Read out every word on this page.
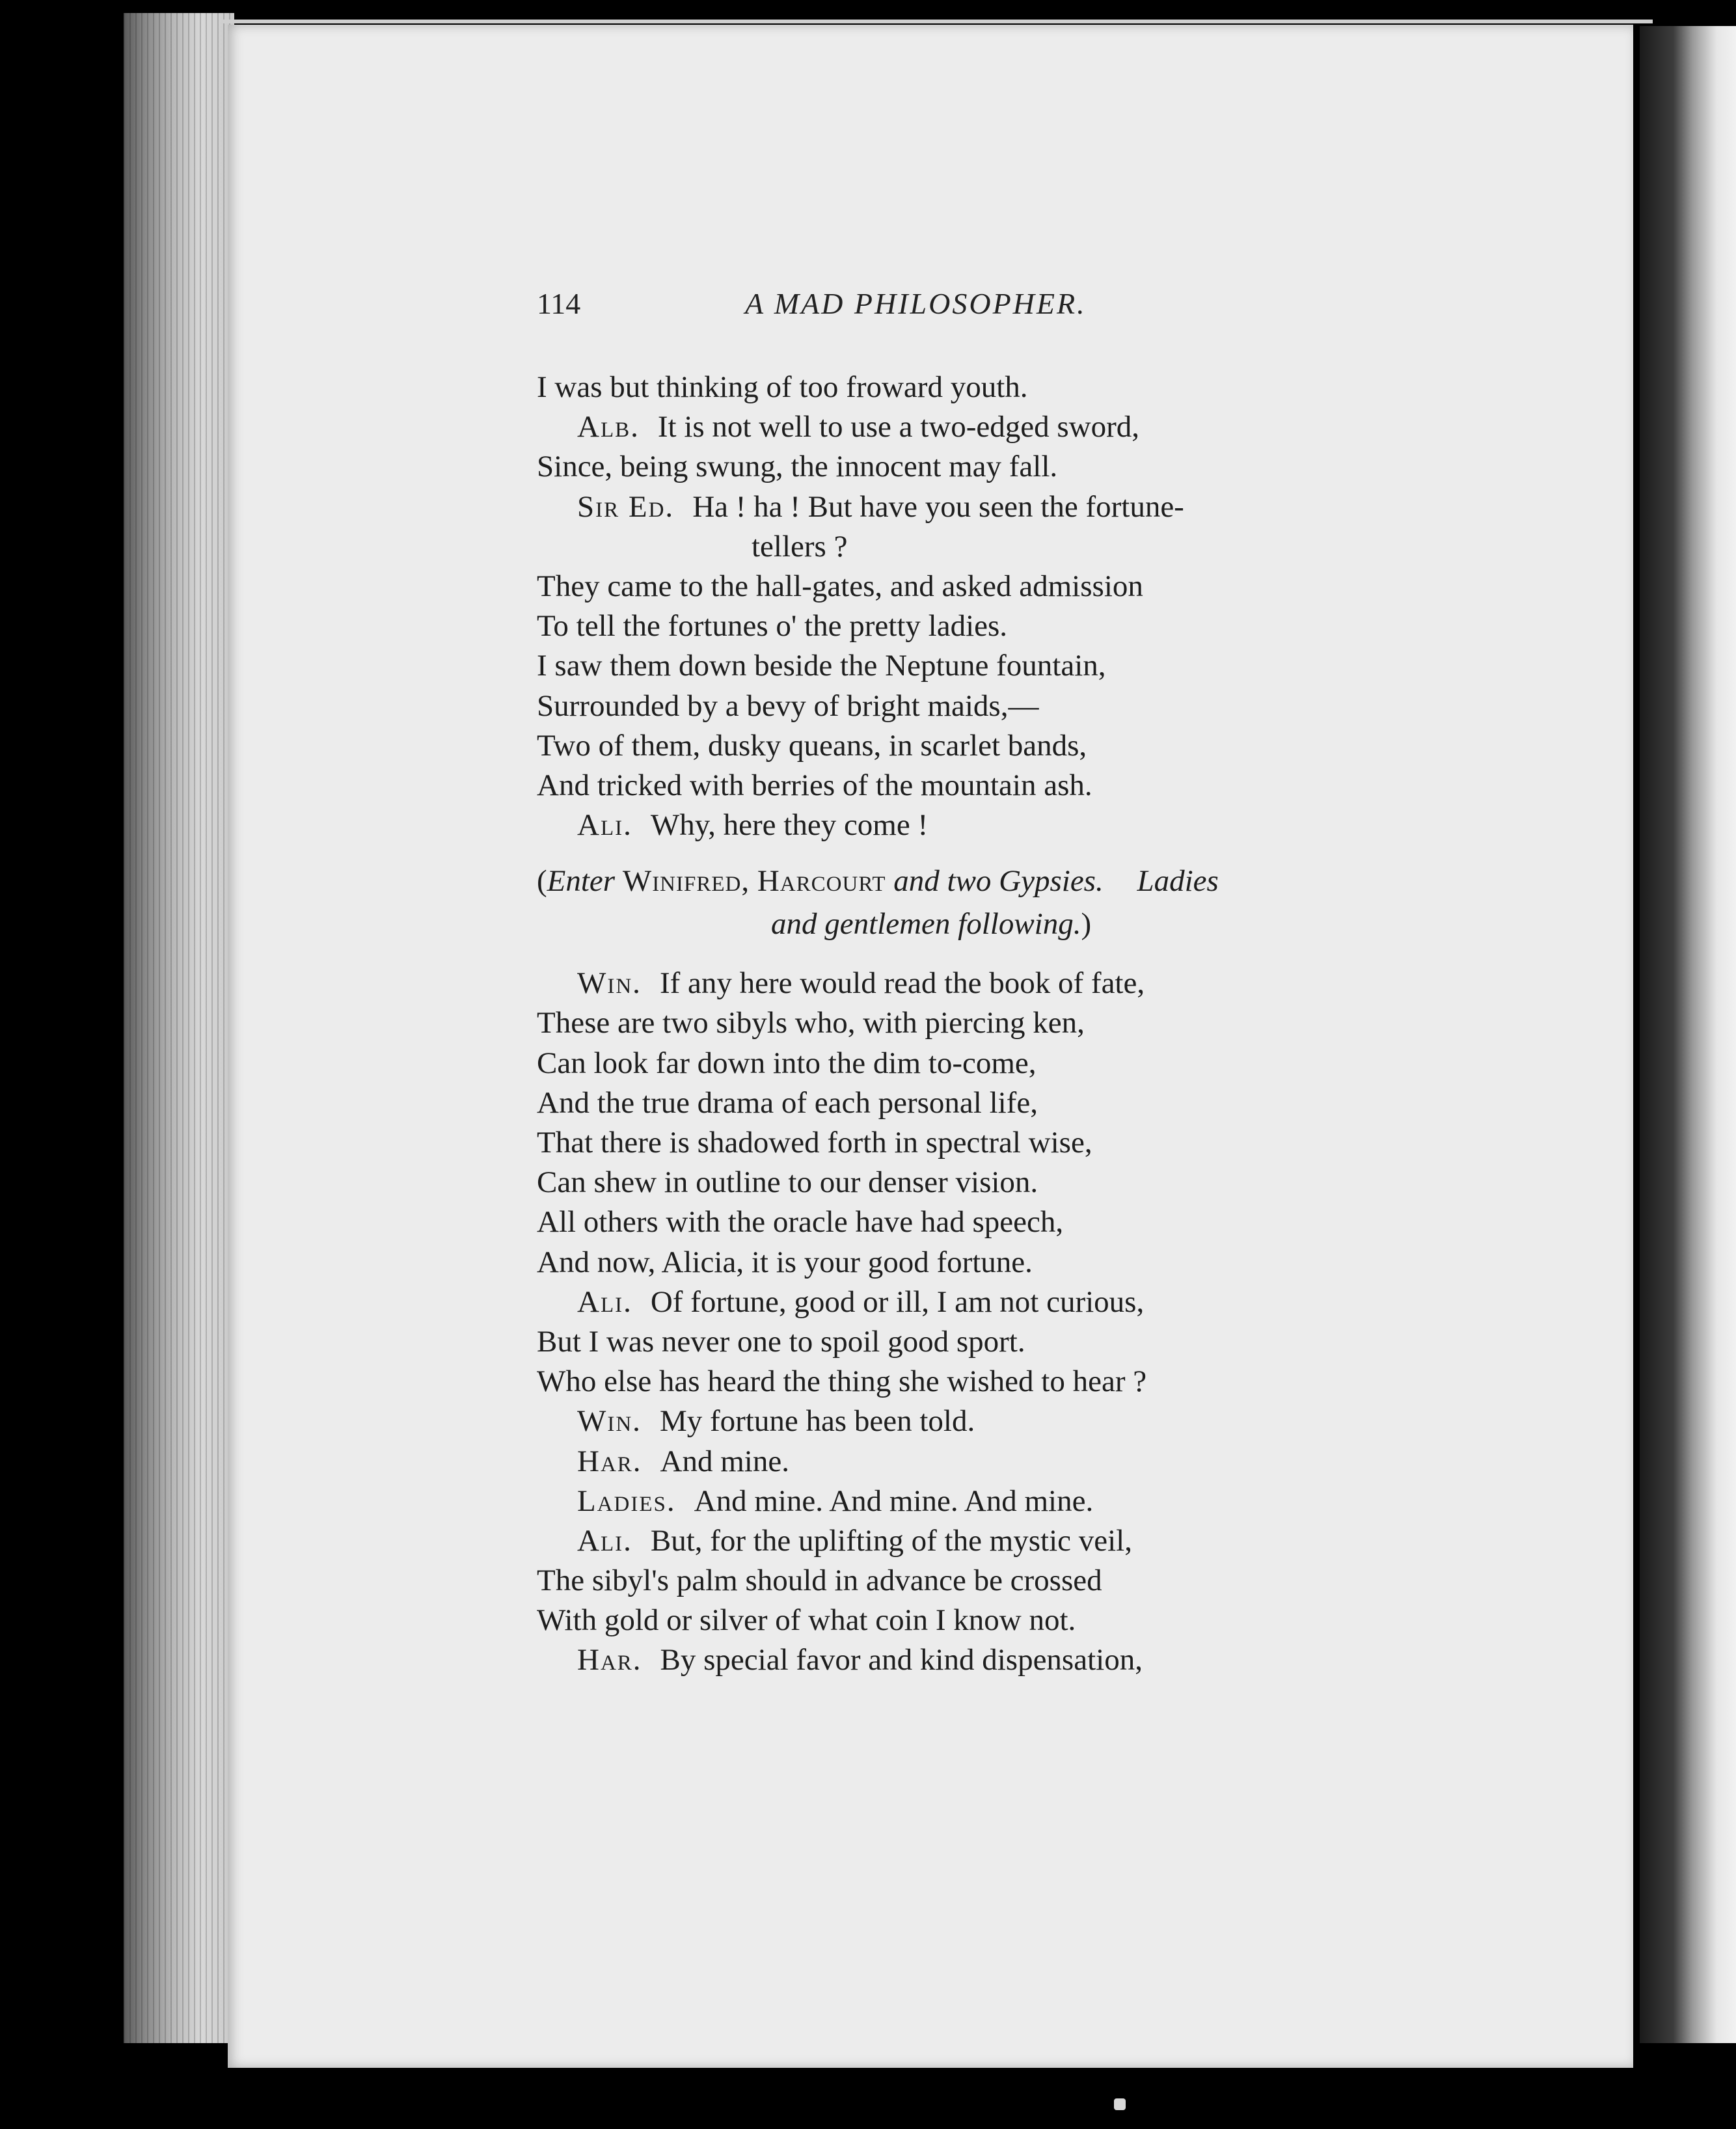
114	A MAD PHILOSOPHER.
I was but thinking of too froward youth.
Alb. It is not well to use a two-edged sword,
Since, being swung, the innocent may fall.
Sir Ed. Ha ! ha ! But have you seen the fortune-
tellers ?
They came to the hall-gates, and asked admission
To tell the fortunes o' the pretty ladies.
I saw them down beside the Neptune fountain,
Surrounded by a bevy of bright maids,—
Two of them, dusky queans, in scarlet bands,
And tricked with berries of the mountain ash.
Ali. Why, here they come !
(Enter Winifred, Harcourt and two Gypsies. Ladies
and gentlemen following.)
Win. If any here would read the book of fate,
These are two sibyls who, with piercing ken,
Can look far down into the dim to-come,
And the true drama of each personal life,
That there is shadowed forth in spectral wise,
Can shew in outline to our denser vision.
All others with the oracle have had speech,
And now, Alicia, it is your good fortune.
Ali. Of fortune, good or ill, I am not curious,
But I was never one to spoil good sport.
Who else has heard the thing she wished to hear ?
Win. My fortune has been told.
Har. And mine.
Ladies. And mine. And mine. And mine.
Ali. But, for the uplifting of the mystic veil,
The sibyl's palm should in advance be crossed
With gold or silver of what coin I know not.
Har. By special favor and kind dispensation,
